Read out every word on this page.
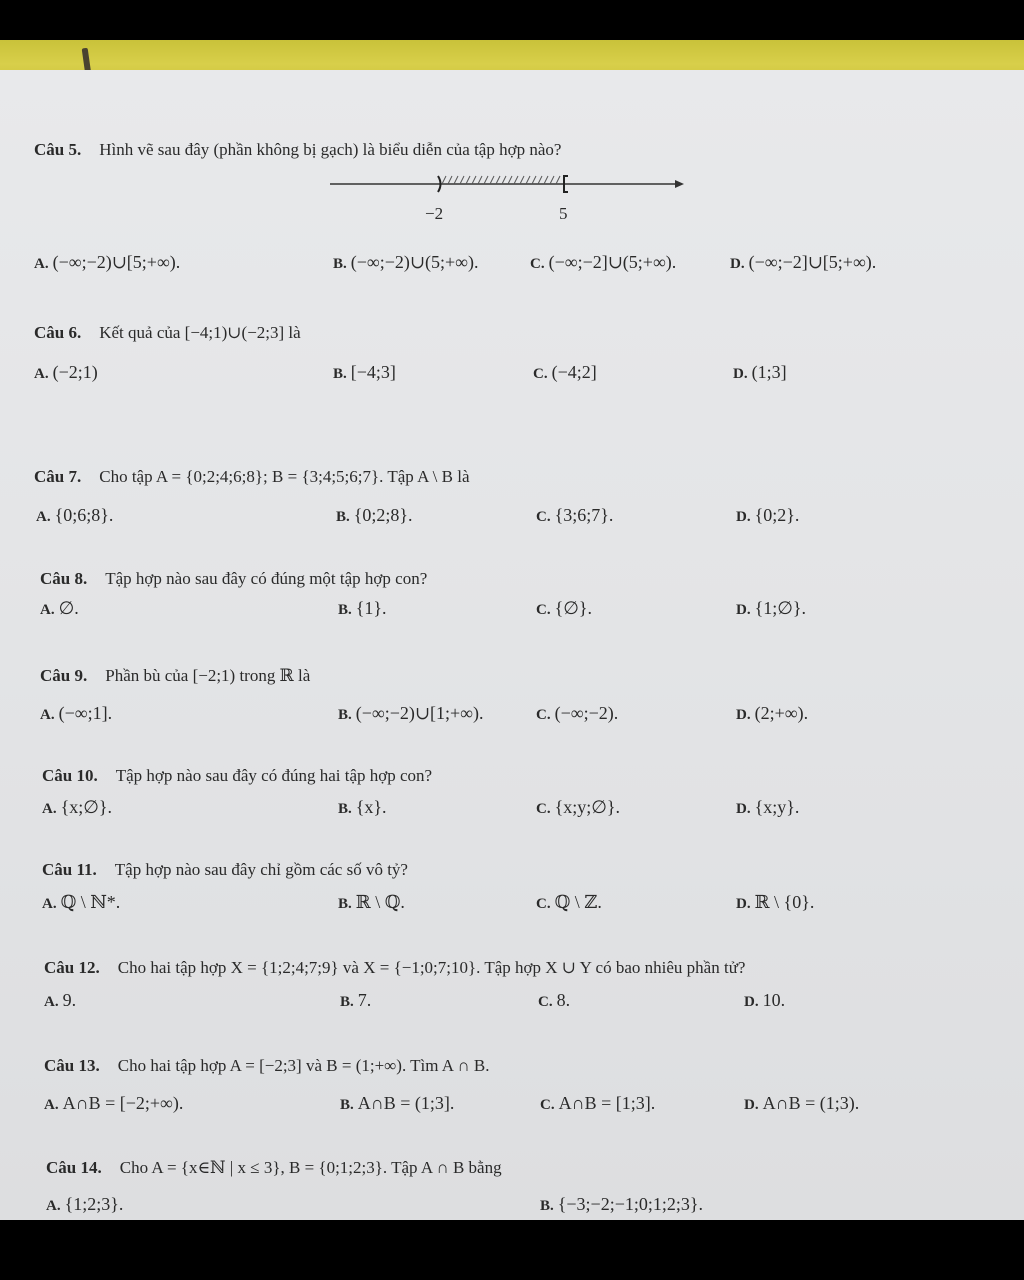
Câu 5. Hình vẽ sau đây (phần không bị gạch) là biểu diễn của tập hợp nào?
−2	5
A. (−∞;−2)∪[5;+∞).	B. (−∞;−2)∪(5;+∞).	C. (−∞;−2]∪(5;+∞).	D. (−∞;−2]∪[5;+∞).
Câu 6. Kết quả của [−4;1)∪(−2;3] là
A. (−2;1)	B. [−4;3]	C. (−4;2]	D. (1;3]
Câu 7. Cho tập A = {0;2;4;6;8}; B = {3;4;5;6;7}. Tập A \ B là
A. {0;6;8}.	B. {0;2;8}.	C. {3;6;7}.	D. {0;2}.
Câu 8. Tập hợp nào sau đây có đúng một tập hợp con?
A. ∅.	B. {1}.	C. {∅}.	D. {1;∅}.
Câu 9. Phần bù của [−2;1) trong ℝ là
A. (−∞;1].	B. (−∞;−2)∪[1;+∞).	C. (−∞;−2).	D. (2;+∞).
Câu 10. Tập hợp nào sau đây có đúng hai tập hợp con?
A. {x;∅}.	B. {x}.	C. {x;y;∅}.	D. {x;y}.
Câu 11. Tập hợp nào sau đây chỉ gồm các số vô tỷ?
A. ℚ \ ℕ*.	B. ℝ \ ℚ.	C. ℚ \ ℤ.	D. ℝ \ {0}.
Câu 12. Cho hai tập hợp X = {1;2;4;7;9} và X = {−1;0;7;10}. Tập hợp X ∪ Y có bao nhiêu phần tử?
A. 9.	B. 7.	C. 8.	D. 10.
Câu 13. Cho hai tập hợp A = [−2;3] và B = (1;+∞). Tìm A ∩ B.
A. A∩B = [−2;+∞).	B. A∩B = (1;3].	C. A∩B = [1;3].	D. A∩B = (1;3).
Câu 14. Cho A = {x∈ℕ | x ≤ 3}, B = {0;1;2;3}. Tập A ∩ B bằng
A. {1;2;3}.	B. {−3;−2;−1;0;1;2;3}.
